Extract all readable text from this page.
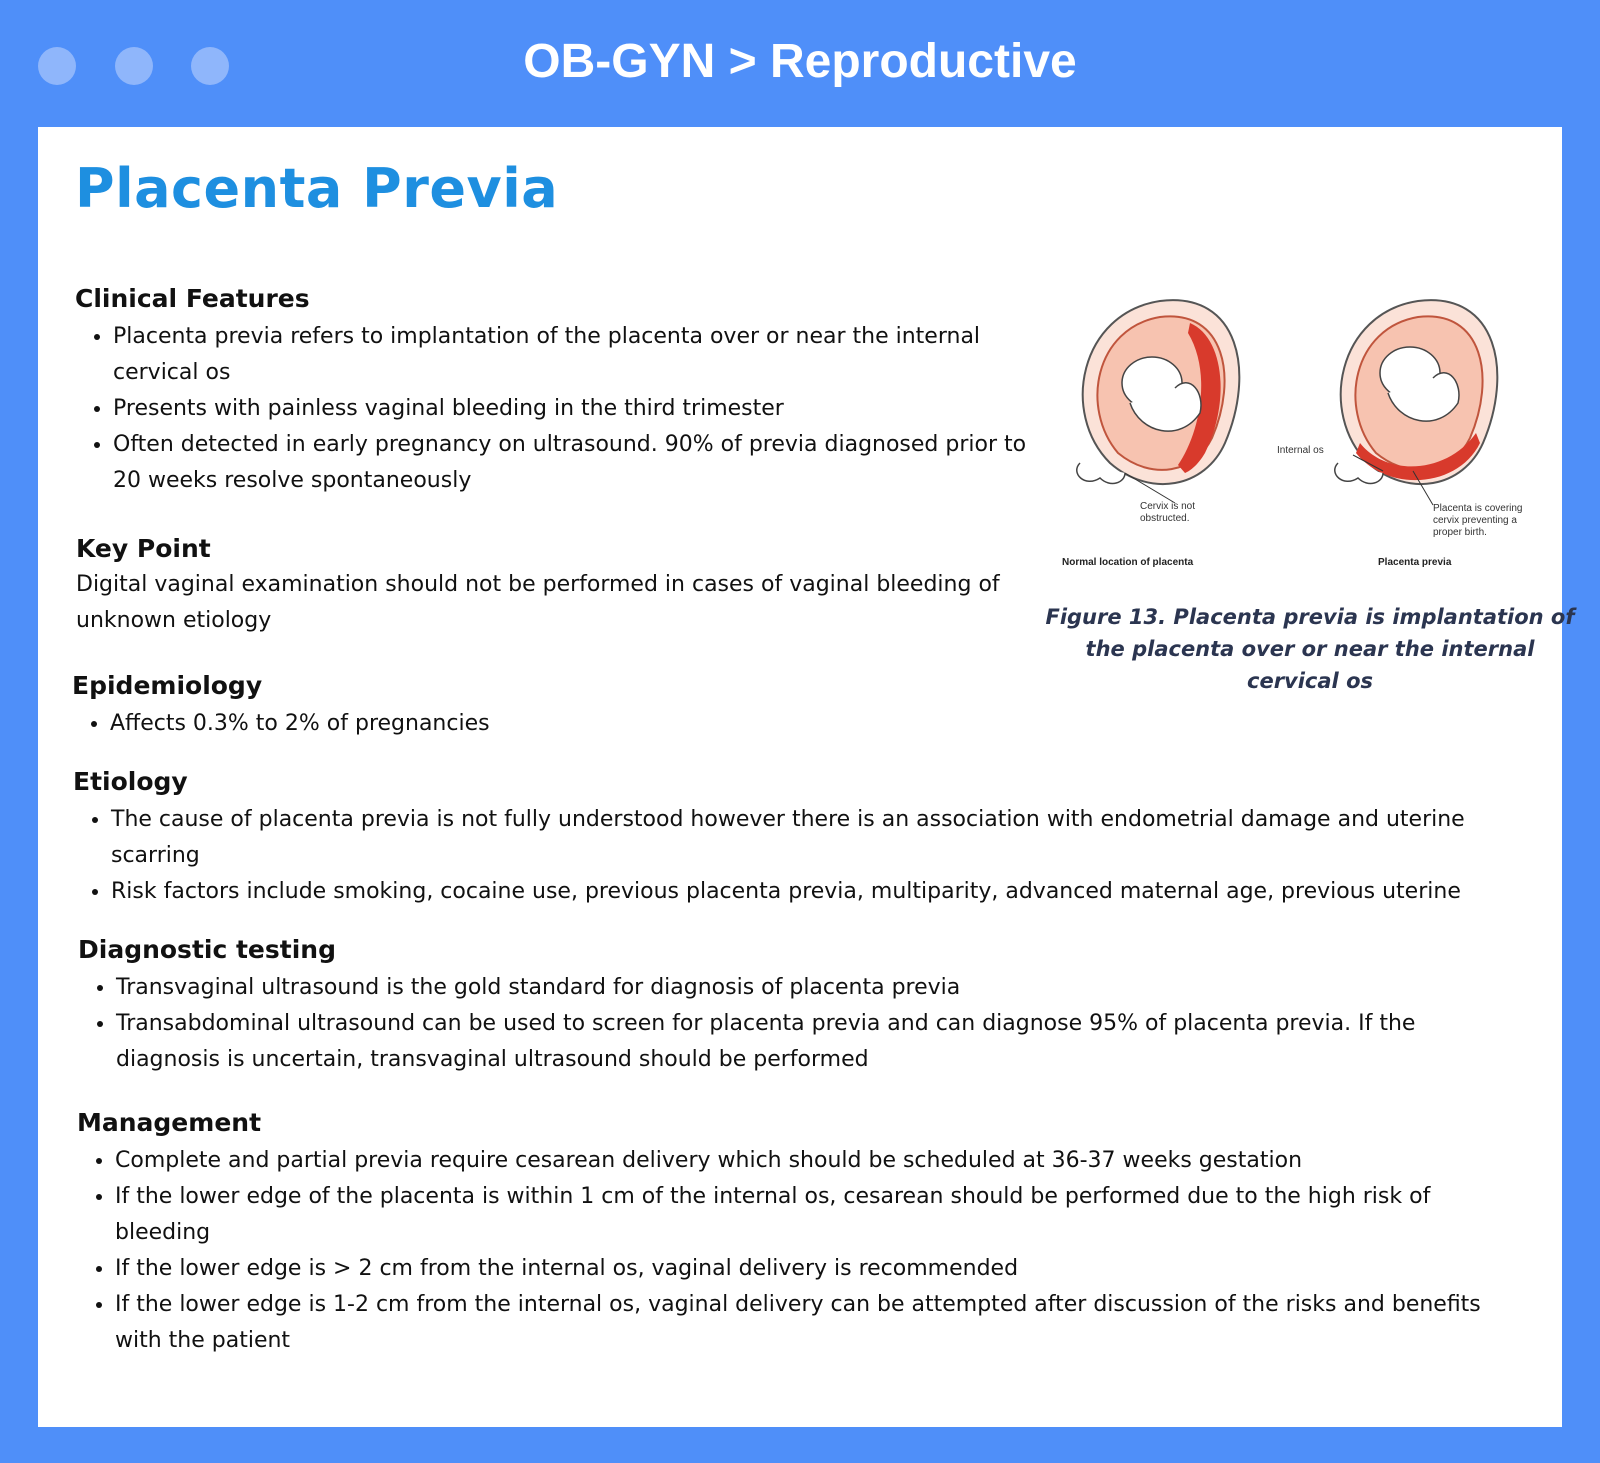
OB-GYN > Reproductive
Placenta Previa
Clinical Features
• Placenta previa refers to implantation of the placenta over or near the internal cervical os
• Presents with painless vaginal bleeding in the third trimester
• Often detected in early pregnancy on ultrasound. 90% of previa diagnosed prior to 20 weeks resolve spontaneously
Key Point

Digital vaginal examination should not be performed in cases of vaginal bleeding of unknown etiology

Epidemiology
• Affects 0.3% to 2% of pregnancies
Etiology
• The cause of placenta previa is not fully understood however there is an association with endometrial damage and uterine scarring
• Risk factors include smoking, cocaine use, previous placenta previa, multiparity, advanced maternal age, previous uterine
Diagnostic testing
• Transvaginal ultrasound is the gold standard for diagnosis of placenta previa
• Transabdominal ultrasound can be used to screen for placenta previa and can diagnose 95% of placenta previa. If the diagnosis is uncertain, transvaginal ultrasound should be performed
Management
• Complete and partial previa require cesarean delivery which should be scheduled at 36-37 weeks gestation
• If the lower edge of the placenta is within 1 cm of the internal os, cesarean should be performed due to the high risk of bleeding
• If the lower edge is > 2 cm from the internal os, vaginal delivery is recommended
• If the lower edge is 1-2 cm from the internal os, vaginal delivery can be attempted after discussion of the risks and benefits with the patient
Cervix is not
obstructed.
Normal location of placenta
Placenta is covering
cervix preventing a
proper birth.
Placenta previa
Internal os
Figure 13. Placenta previa is implantation of the placenta over or near the internal cervical os
